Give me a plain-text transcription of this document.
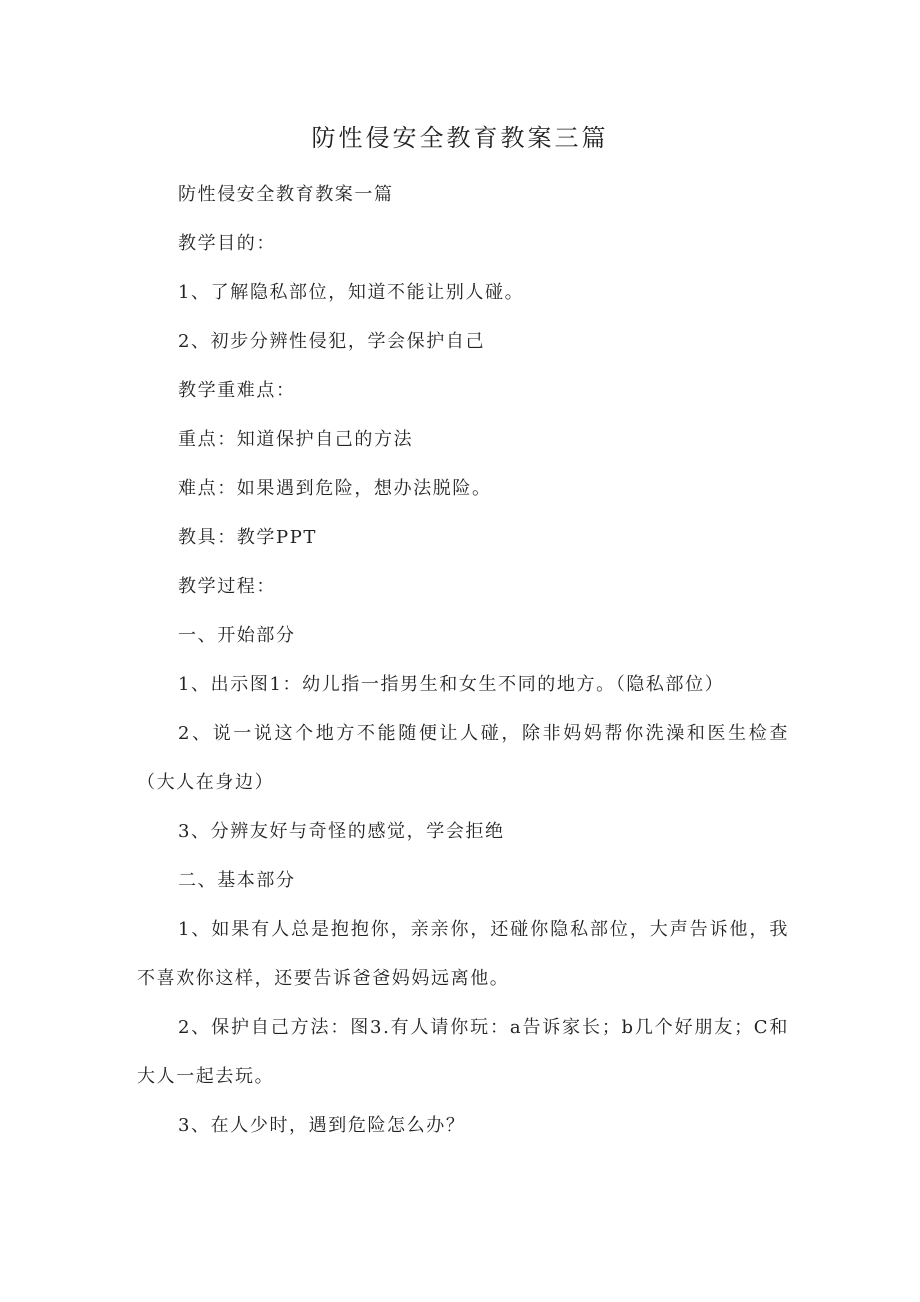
防性侵安全教育教案三篇

防性侵安全教育教案一篇

教学目的：

1、了解隐私部位，知道不能让别人碰。

2、初步分辨性侵犯，学会保护自己

教学重难点：

重点：知道保护自己的方法

难点：如果遇到危险，想办法脱险。

教具：教学PPT

教学过程：

一、开始部分

1、出示图1：幼儿指一指男生和女生不同的地方。（隐私部位）

2、说一说这个地方不能随便让人碰，除非妈妈帮你洗澡和医生检查（大人在身边）

3、分辨友好与奇怪的感觉，学会拒绝

二、基本部分

1、如果有人总是抱抱你，亲亲你，还碰你隐私部位，大声告诉他，我不喜欢你这样，还要告诉爸爸妈妈远离他。

2、保护自己方法：图3.有人请你玩：a告诉家长；b几个好朋友；C和大人一起去玩。

3、在人少时，遇到危险怎么办？
